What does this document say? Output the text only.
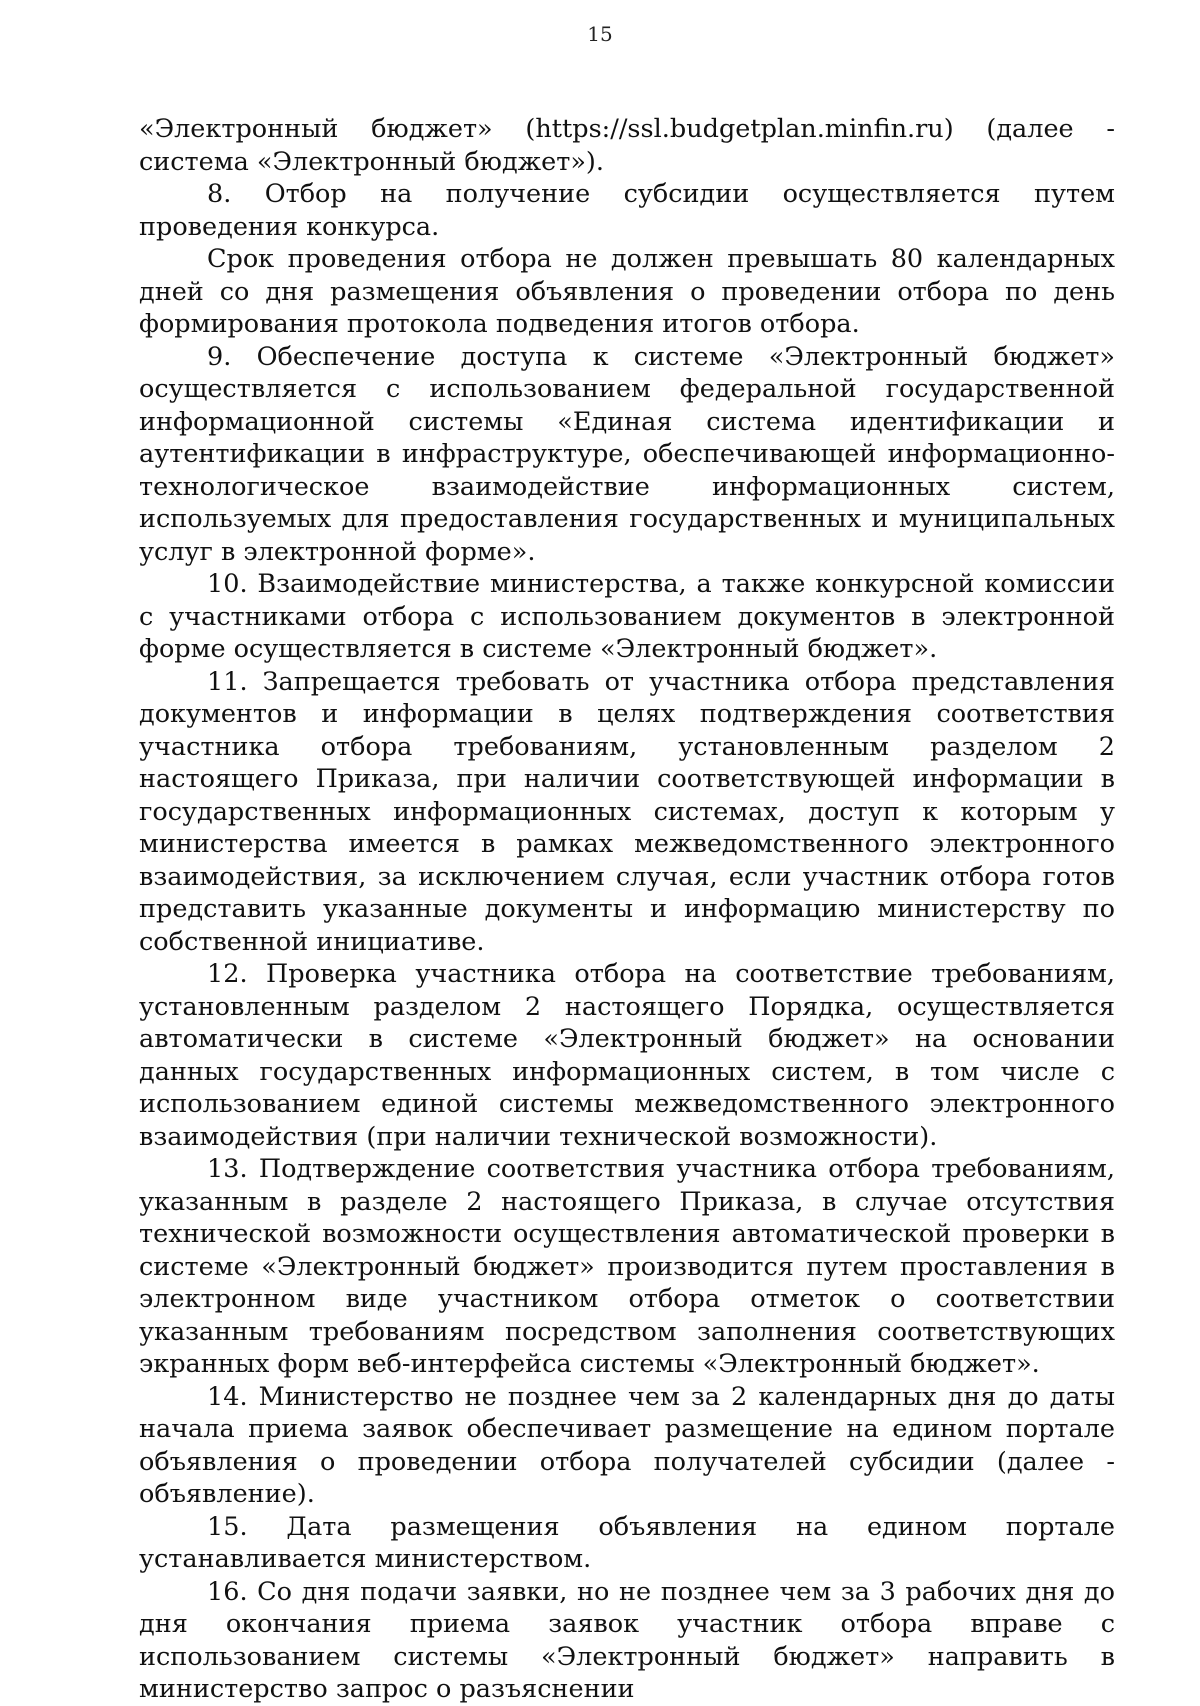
15

«Электронный бюджет» (https://ssl.budgetplan.minfin.ru) (далее - система «Электронный бюджет»).

8. Отбор на получение субсидии осуществляется путем проведения конкурса.

Срок проведения отбора не должен превышать 80 календарных дней со дня размещения объявления о проведении отбора по день формирования протокола подведения итогов отбора.

9. Обеспечение доступа к системе «Электронный бюджет» осуществляется с использованием федеральной государственной информационной системы «Единая система идентификации и аутентификации в инфраструктуре, обеспечивающей информационно-технологическое взаимодействие информационных систем, используемых для предоставления государственных и муниципальных услуг в электронной форме».

10. Взаимодействие министерства, а также конкурсной комиссии с участниками отбора с использованием документов в электронной форме осуществляется в системе «Электронный бюджет».

11. Запрещается требовать от участника отбора представления документов и информации в целях подтверждения соответствия участника отбора требованиям, установленным разделом 2 настоящего Приказа, при наличии соответствующей информации в государственных информационных системах, доступ к которым у министерства имеется в рамках межведомственного электронного взаимодействия, за исключением случая, если участник отбора готов представить указанные документы и информацию министерству по собственной инициативе.

12. Проверка участника отбора на соответствие требованиям, установленным разделом 2 настоящего Порядка, осуществляется автоматически в системе «Электронный бюджет» на основании данных государственных информационных систем, в том числе с использованием единой системы межведомственного электронного взаимодействия (при наличии технической возможности).

13. Подтверждение соответствия участника отбора требованиям, указанным в разделе 2 настоящего Приказа, в случае отсутствия технической возможности осуществления автоматической проверки в системе «Электронный бюджет» производится путем проставления в электронном виде участником отбора отметок о соответствии указанным требованиям посредством заполнения соответствующих экранных форм веб-интерфейса системы «Электронный бюджет».

14. Министерство не позднее чем за 2 календарных дня до даты начала приема заявок обеспечивает размещение на едином портале объявления о проведении отбора получателей субсидии (далее - объявление).

15. Дата размещения объявления на едином портале устанавливается министерством.

16. Со дня подачи заявки, но не позднее чем за 3 рабочих дня до дня окончания приема заявок участник отбора вправе с использованием системы «Электронный бюджет» направить в министерство запрос о разъяснении
